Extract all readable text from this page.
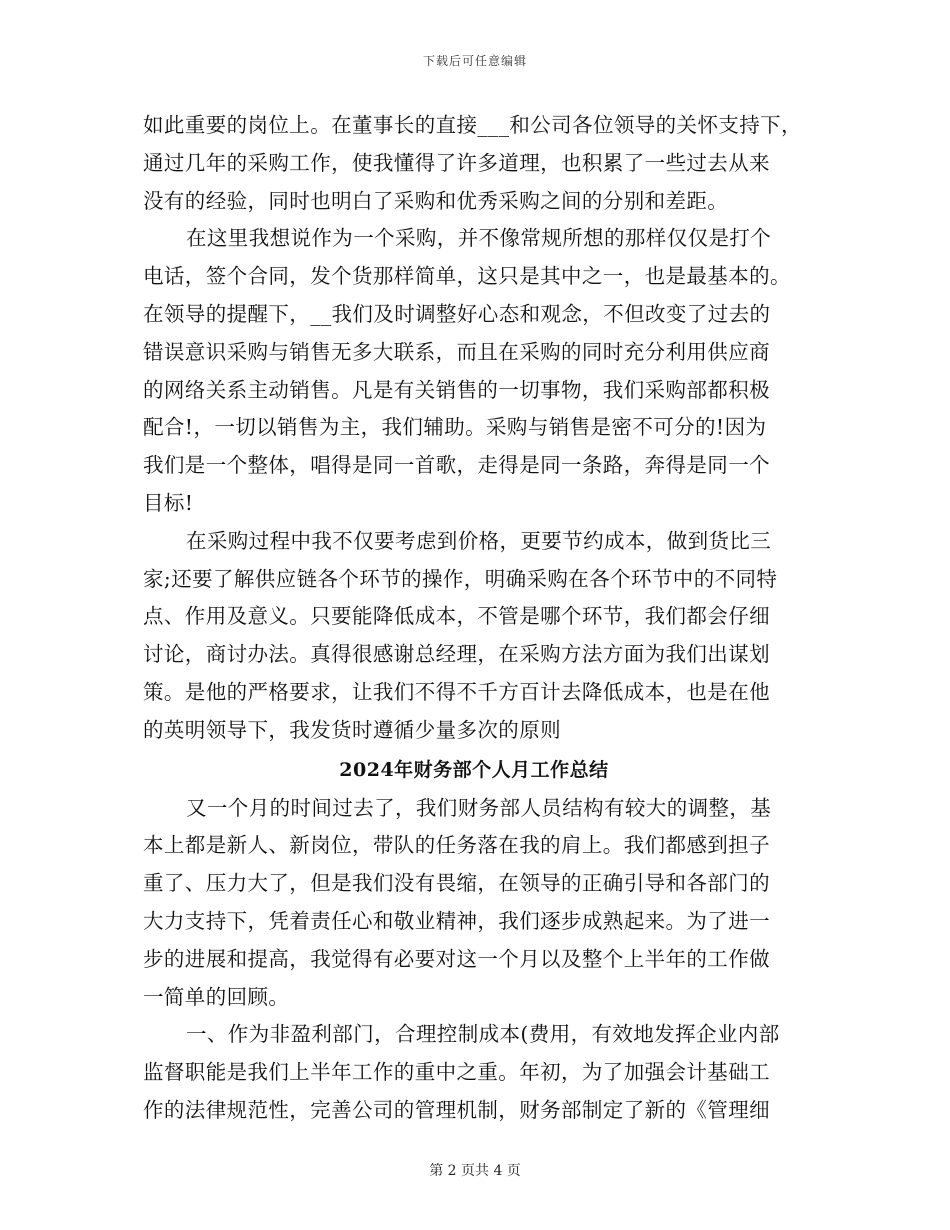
下载后可任意编辑
如此重要的岗位上。在董事长的直接___和公司各位领导的关怀支持下，
通过几年的采购工作，使我懂得了许多道理，也积累了一些过去从来
没有的经验，同时也明白了采购和优秀采购之间的分别和差距。
在这里我想说作为一个采购，并不像常规所想的那样仅仅是打个
电话，签个合同，发个货那样简单，这只是其中之一，也是最基本的。
在领导的提醒下，__我们及时调整好心态和观念，不但改变了过去的
错误意识采购与销售无多大联系，而且在采购的同时充分利用供应商
的网络关系主动销售。凡是有关销售的一切事物，我们采购部都积极
配合!，一切以销售为主，我们辅助。采购与销售是密不可分的!因为
我们是一个整体，唱得是同一首歌，走得是同一条路，奔得是同一个
目标!
在采购过程中我不仅要考虑到价格，更要节约成本，做到货比三
家;还要了解供应链各个环节的操作，明确采购在各个环节中的不同特
点、作用及意义。只要能降低成本，不管是哪个环节，我们都会仔细
讨论，商讨办法。真得很感谢总经理，在采购方法方面为我们出谋划
策。是他的严格要求，让我们不得不千方百计去降低成本，也是在他
的英明领导下，我发货时遵循少量多次的原则
2024年财务部个人月工作总结
又一个月的时间过去了，我们财务部人员结构有较大的调整，基
本上都是新人、新岗位，带队的任务落在我的肩上。我们都感到担子
重了、压力大了，但是我们没有畏缩，在领导的正确引导和各部门的
大力支持下，凭着责任心和敬业精神，我们逐步成熟起来。为了进一
步的进展和提高，我觉得有必要对这一个月以及整个上半年的工作做
一简单的回顾。
一、作为非盈利部门，合理控制成本(费用，有效地发挥企业内部
监督职能是我们上半年工作的重中之重。年初，为了加强会计基础工
作的法律规范性，完善公司的管理机制，财务部制定了新的《管理细
第 2 页共 4 页
